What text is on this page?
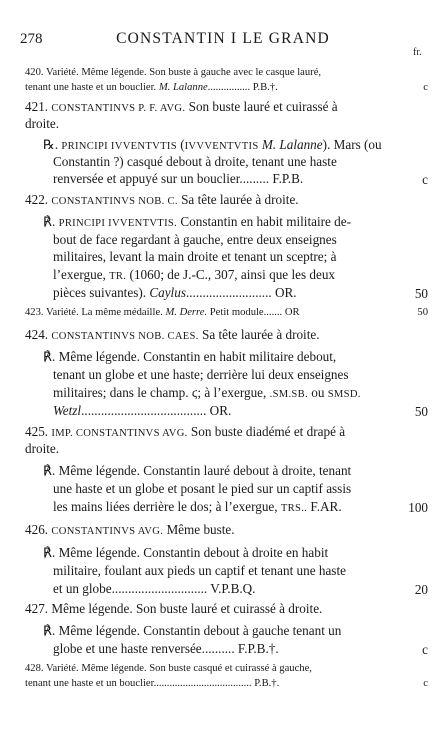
278	CONSTANTIN I LE GRAND
fr.
420. Variété. Même légende. Son buste à gauche avec le casque lauré,
tenant une haste et un bouclier. M. Lalanne................ P.B.†.	c
421. CONSTANTINVS P. F. AVG. Son buste lauré et cuirassé à
droite.
℞. PRINCIPI IVVENTVTIS (IVVVENTVTIS M. Lalanne). Mars (ou
Constantin ?) casqué debout à droite, tenant une haste
renversée et appuyé sur un bouclier......... F.P.B.	c
422. CONSTANTINVS NOB. C. Sa tête laurée à droite.
℟. PRINCIPI IVVENTVTIS. Constantin en habit militaire de-
bout de face regardant à gauche, entre deux enseignes
militaires, levant la main droite et tenant un sceptre; à
l’exergue, TR. (1060; de J.-C., 307, ainsi que les deux
pièces suivantes). Caylus.......................... OR.	50
423. Variété. La même médaille. M. Derre. Petit module....... OR	50
424. CONSTANTINVS NOB. CAES. Sa tête laurée à droite.
℟. Même légende. Constantin en habit militaire debout,
tenant un globe et une haste; derrière lui deux enseignes
militaires; dans le champ. ϛ; à l’exergue, .SM.SB. ou SMSD.
Wetzl...................................... OR.	50
425. IMP. CONSTANTINVS AVG. Son buste diadémé et drapé à
droite.
℟. Même légende. Constantin lauré debout à droite, tenant
une haste et un globe et posant le pied sur un captif assis
les mains liées derrière le dos; à l’exergue, TRS.. F.AR.	100
426. CONSTANTINVS AVG. Même buste.
℟. Même légende. Constantin debout à droite en habit
militaire, foulant aux pieds un captif et tenant une haste
et un globe............................. V.P.B.Q.	20
427. Même légende. Son buste lauré et cuirassé à droite.
℟. Même légende. Constantin debout à gauche tenant un
globe et une haste renversée.......... F.P.B.†.	c
428. Variété. Même légende. Son buste casqué et cuirassé à gauche,
tenant une haste et un bouclier..................................... P.B.†.	c
